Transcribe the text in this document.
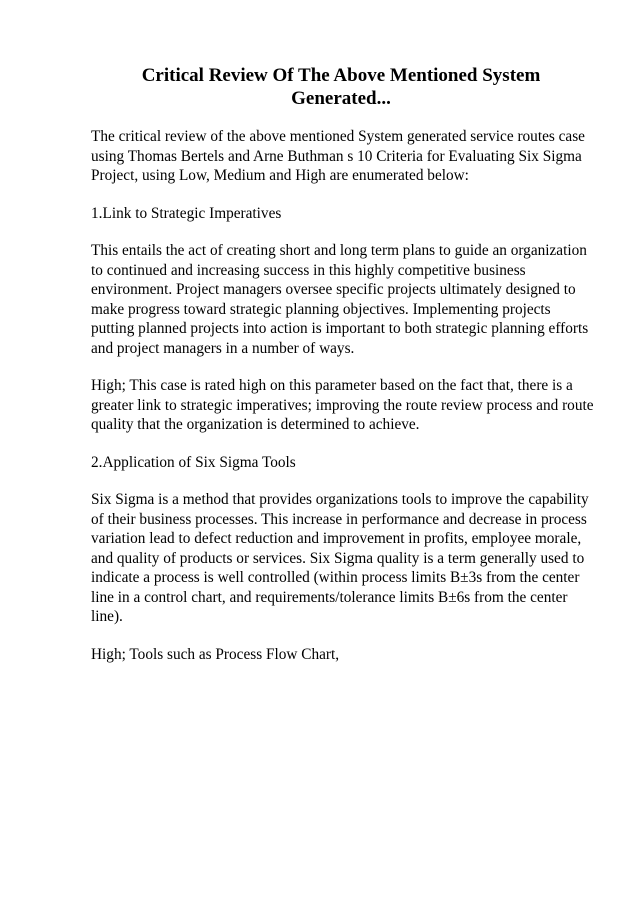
Critical Review Of The Above Mentioned System Generated...

The critical review of the above mentioned System generated service routes case using Thomas Bertels and Arne Buthman s 10 Criteria for Evaluating Six Sigma Project, using Low, Medium and High are enumerated below:

1.Link to Strategic Imperatives

This entails the act of creating short and long term plans to guide an organization to continued and increasing success in this highly competitive business environment. Project managers oversee specific projects ultimately designed to make progress toward strategic planning objectives. Implementing projects putting planned projects into action is important to both strategic planning efforts and project managers in a number of ways.

High; This case is rated high on this parameter based on the fact that, there is a greater link to strategic imperatives; improving the route review process and route quality that the organization is determined to achieve.

2.Application of Six Sigma Tools

Six Sigma is a method that provides organizations tools to improve the capability of their business processes. This increase in performance and decrease in process variation lead to defect reduction and improvement in profits, employee morale, and quality of products or services. Six Sigma quality is a term generally used to indicate a process is well controlled (within process limits B±3s from the center line in a control chart, and requirements/tolerance limits B±6s from the center line).

High; Tools such as Process Flow Chart,
